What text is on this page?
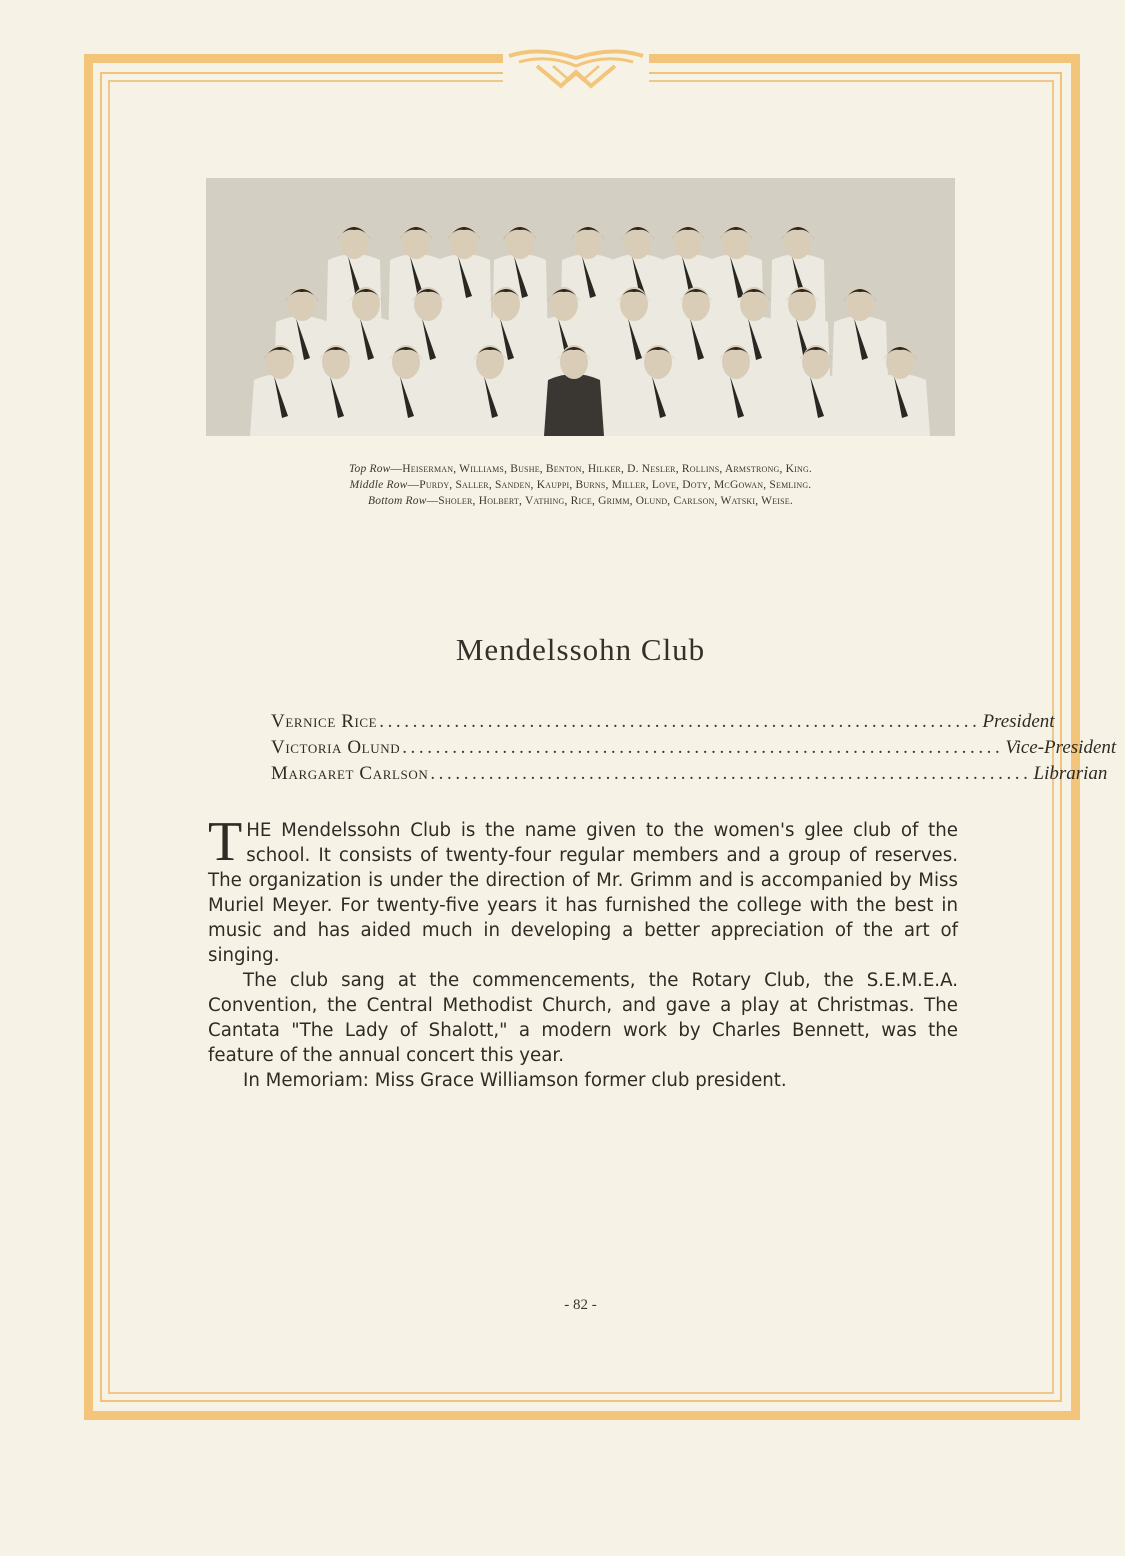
Top Row—Heiserman, Williams, Bushe, Benton, Hilker, D. Nesler, Rollins, Armstrong, King.
Middle Row—Purdy, Saller, Sanden, Kauppi, Burns, Miller, Love, Doty, McGowan, Semling.
Bottom Row—Sholer, Holbert, Vathing, Rice, Grimm, Olund, Carlson, Watski, Weise.
Mendelssohn Club
Vernice Rice ........................................................................ President
Victoria Olund ........................................................................ Vice-President
Margaret Carlson ........................................................................ Librarian

THE Mendelssohn Club is the name given to the women's glee club of the school. It consists of twenty-four regular members and a group of reserves. The organization is under the direction of Mr. Grimm and is accompanied by Miss Muriel Meyer. For twenty-five years it has furnished the college with the best in music and has aided much in developing a better appreciation of the art of singing.

The club sang at the commencements, the Rotary Club, the S.E.M.E.A. Convention, the Central Methodist Church, and gave a play at Christmas. The Cantata "The Lady of Shalott," a modern work by Charles Bennett, was the feature of the annual concert this year.

In Memoriam: Miss Grace Williamson former club president.

- 82 -
